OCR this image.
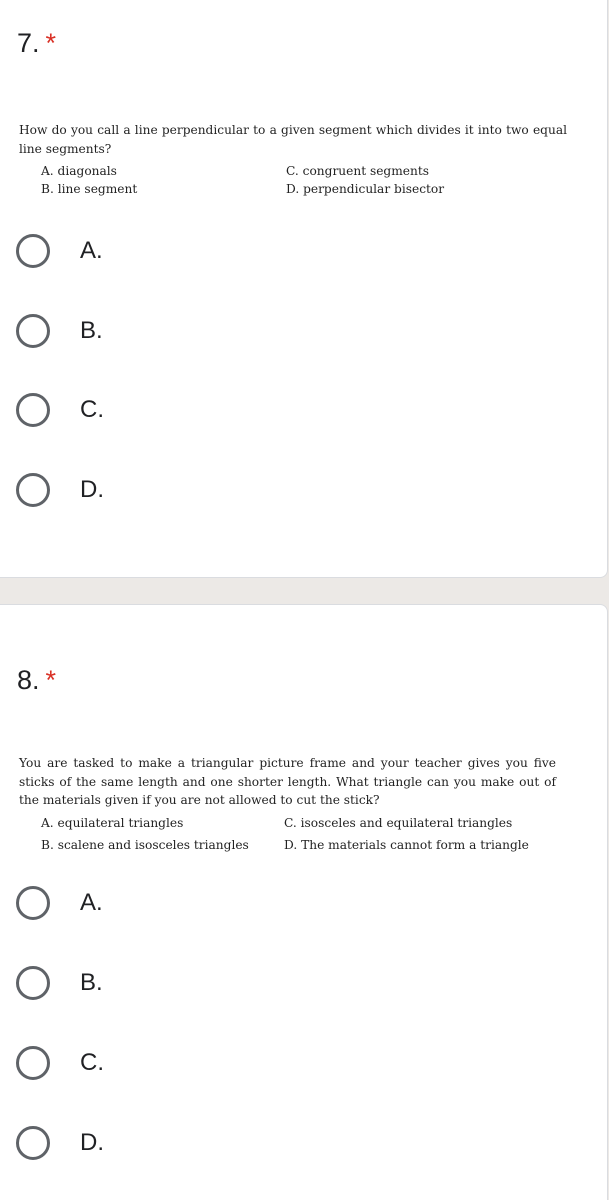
7. *
How do you call a line perpendicular to a given segment which divides it into two equal line segments?
A. diagonals	C. congruent segments
B. line segment	D. perpendicular bisector
A.
B.
C.
D.
8. *
You are tasked to make a triangular picture frame and your teacher gives you five sticks of the same length and one shorter length. What triangle can you make out of the materials given if you are not allowed to cut the stick?
A. equilateral triangles	C. isosceles and equilateral triangles
B. scalene and isosceles triangles	D. The materials cannot form a triangle
A.
B.
C.
D.
